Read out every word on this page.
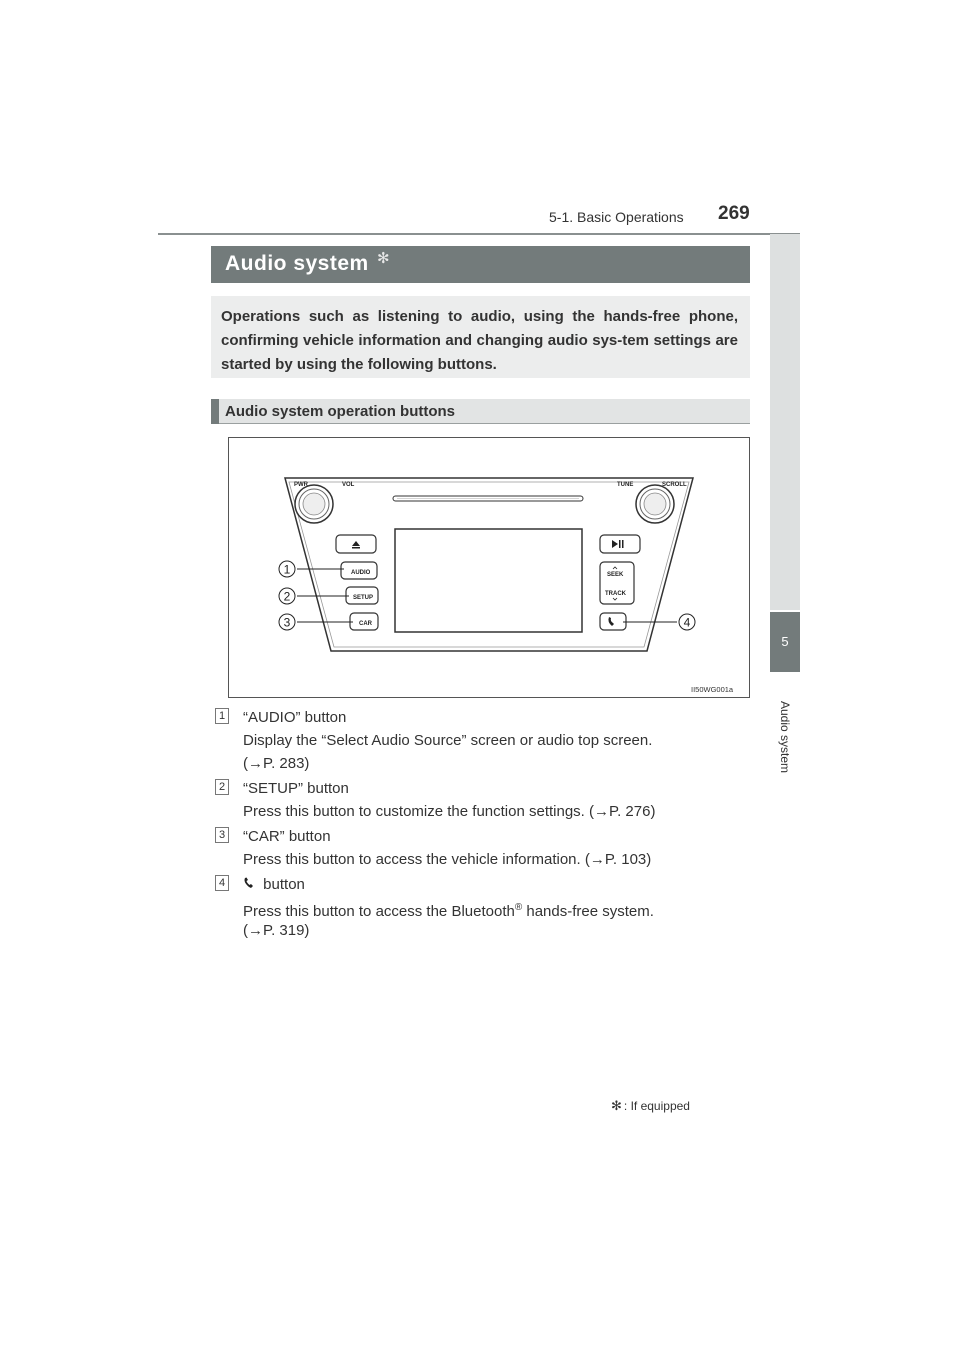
5-1. Basic Operations 269
5
Audio system
Audio system ✻
Operations such as listening to audio, using the hands-free phone, confirming vehicle information and changing audio sys-tem settings are started by using the following buttons.
Audio system operation buttons
PWR	VOL	TUNE	SCROLL
AUDIO
SETUP
CAR
SEEK
TRACK
1
2
3	4
II50WG001a
1 “AUDIO” button
Display the “Select Audio Source” screen or audio top screen.
(→P. 283)
2 “SETUP” button
Press this button to customize the function settings. (→P. 276)
3 “CAR” button
Press this button to access the vehicle information. (→P. 103)
4	button
Press this button to access the Bluetooth® hands-free system.
(→P. 319)
✻ : If equipped
